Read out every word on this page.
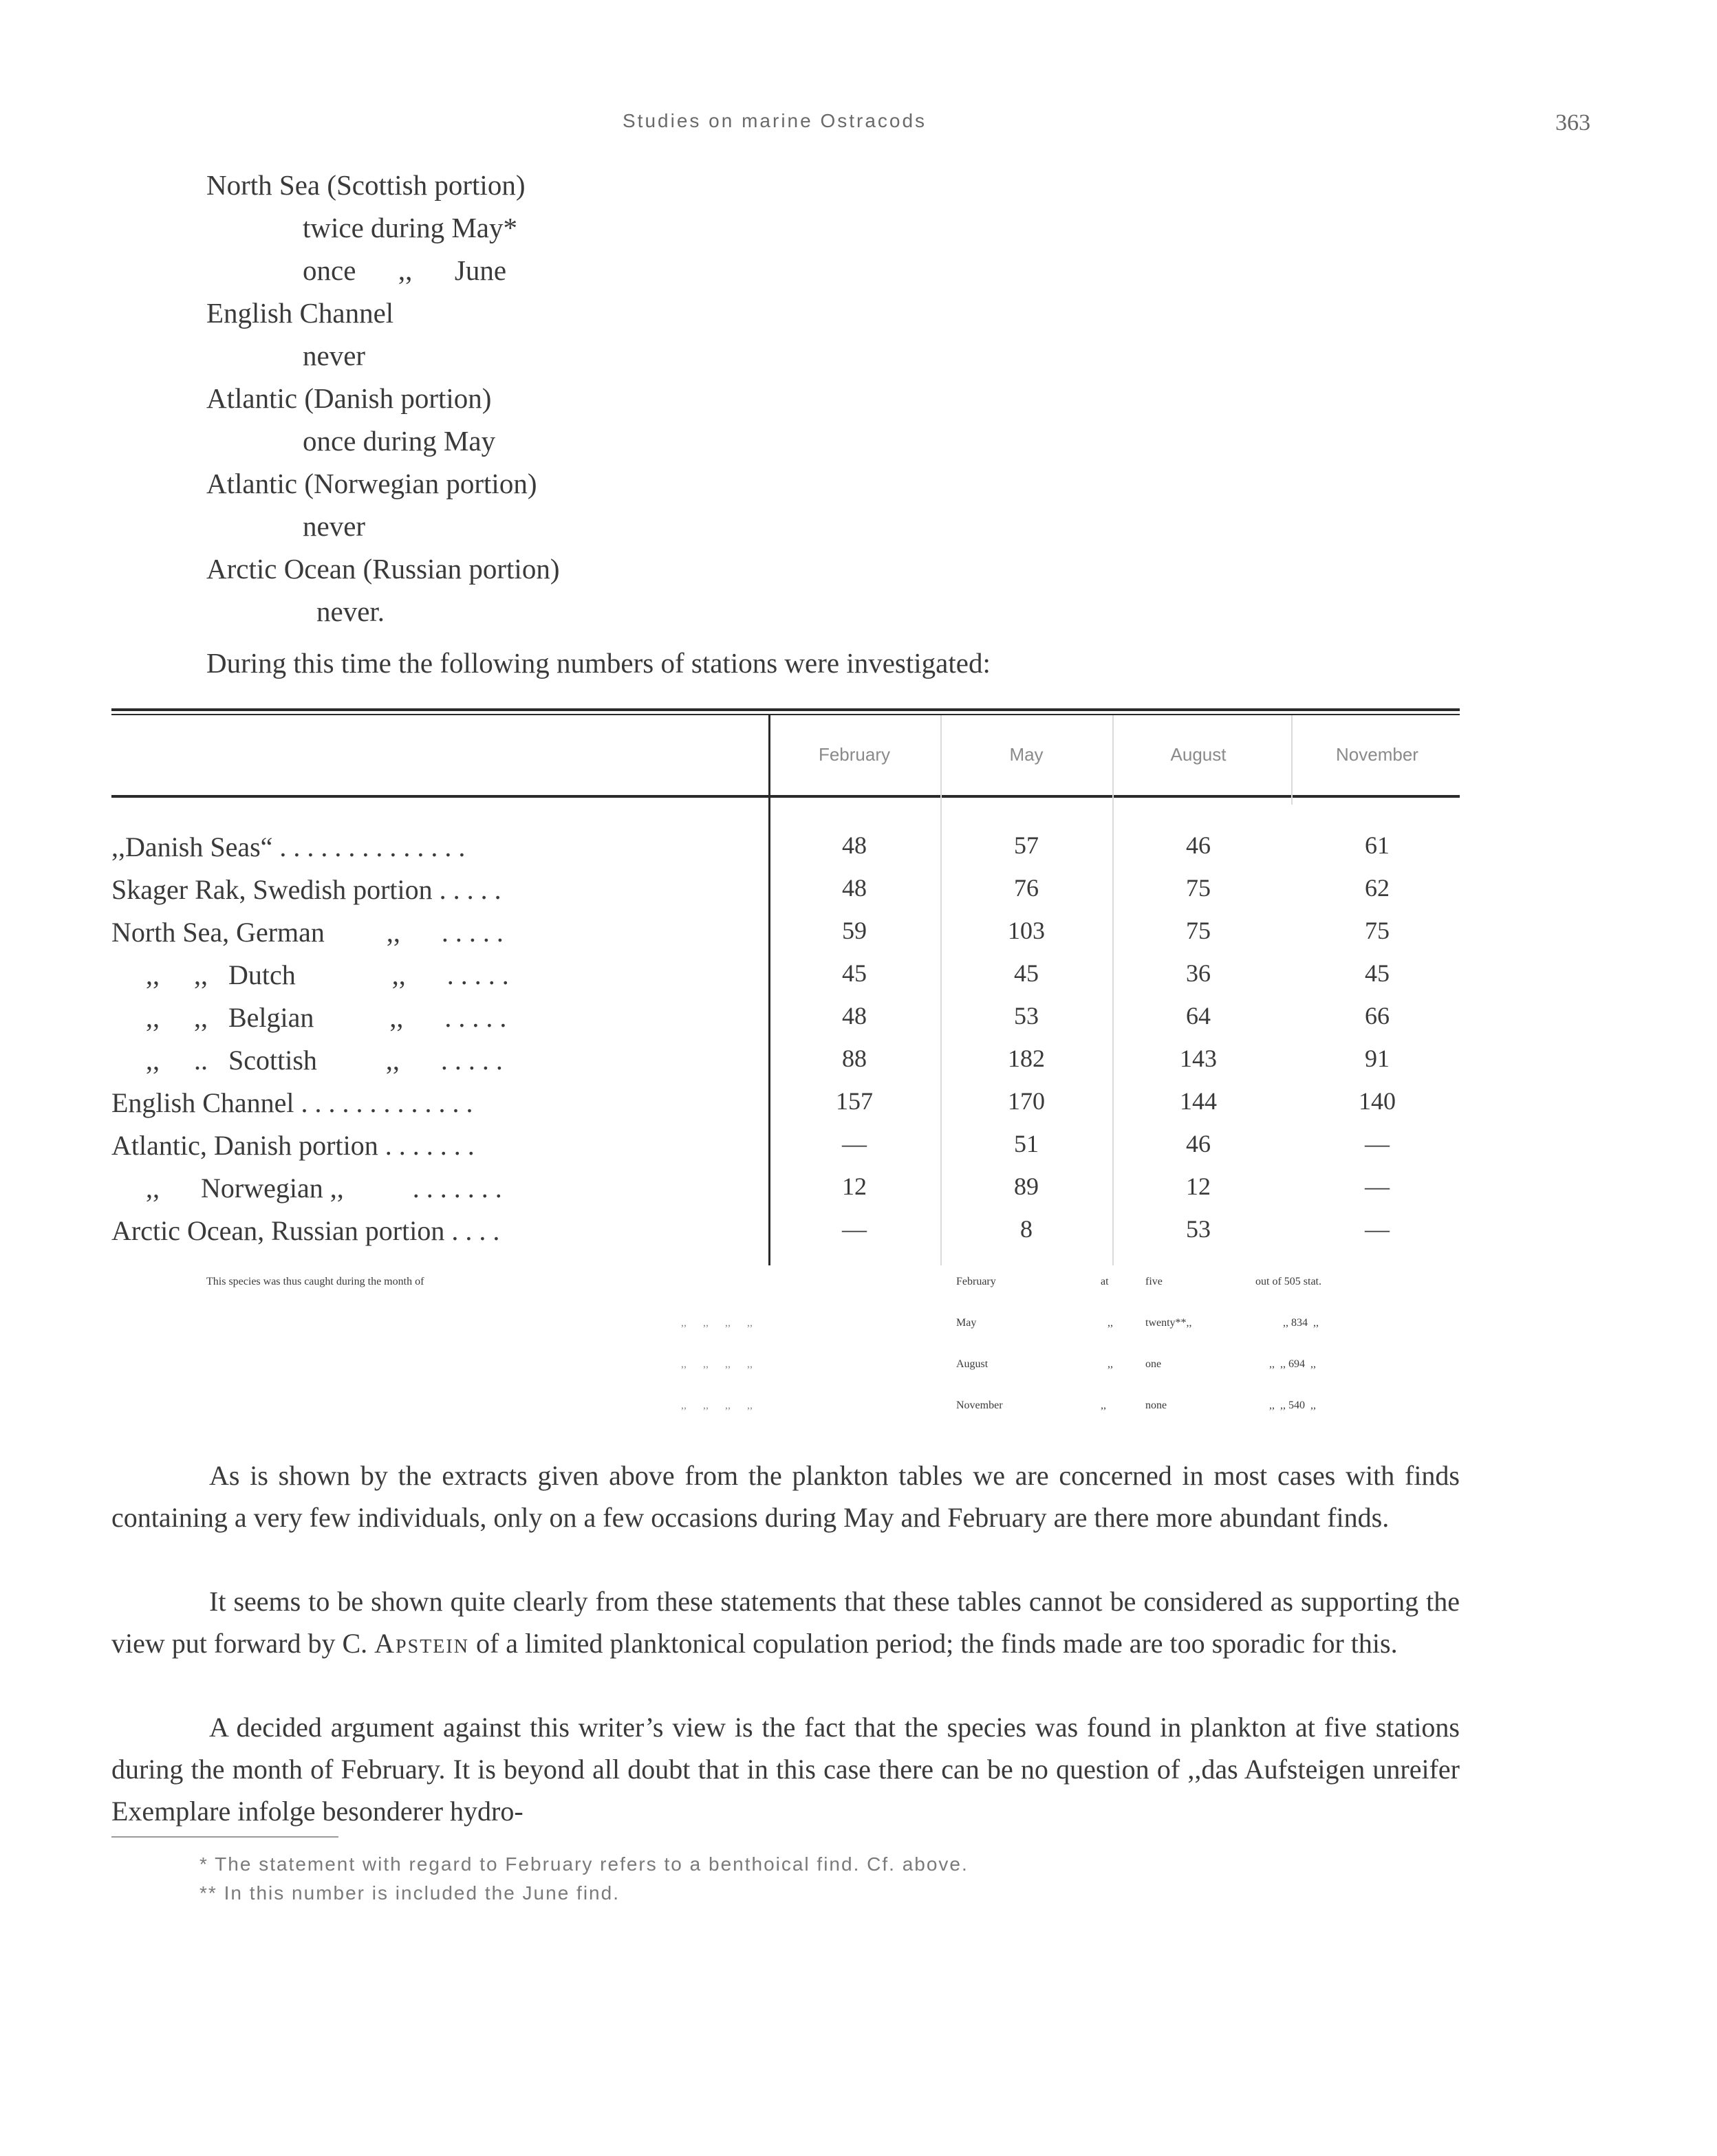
Studies on marine Ostracods	363
North Sea (Scottish portion)
twice during May*
once      ,,      June
English Channel
never
Atlantic (Danish portion)
once during May
Atlantic (Norwegian portion)
never
Arctic Ocean (Russian portion)
never.
During this time the following numbers of stations were investigated:
February	May	August	November
,,Danish Seas“ . . . . . . . . . . . . . .	48	57	46	61
Skager Rak, Swedish portion . . . . .	48	76	75	62
North Sea, German         ,,      . . . . .	59	103	75	75
,,     ,,   Dutch              ,,      . . . . .	45	45	36	45
,,     ,,   Belgian           ,,      . . . . .	48	53	64	66
,,     ..   Scottish          ,,      . . . . .	88	182	143	91
English Channel . . . . . . . . . . . . .	157	170	144	140
Atlantic, Danish portion . . . . . . .	—	51	46	—
,,      Norwegian ,,          . . . . . . .	12	89	12	—
Arctic Ocean, Russian portion . . . .	—	8	53	—
This species was thus caught during the month of	February	at	five	out of 505 stat.
,,      ,,      ,,      ,,	May	,,	twenty**,,	,, 834  ,,
,,      ,,      ,,      ,,	August	,,	one	,,  ,, 694  ,,
,,      ,,      ,,      ,,	November	,,	none	,,  ,, 540  ,,
As is shown by the extracts given above from the plankton tables we are concerned in most cases with finds containing a very few individuals, only on a few occasions during May and February are there more abundant finds.
It seems to be shown quite clearly from these statements that these tables cannot be considered as supporting the view put forward by C. Apstein of a limited planktonical copulation period; the finds made are too sporadic for this.
A decided argument against this writer’s view is the fact that the species was found in plankton at five stations during the month of February. It is beyond all doubt that in this case there can be no question of ,,das Aufsteigen unreifer Exemplare infolge besonderer hydro-
* The statement with regard to February refers to a benthoical find. Cf. above.
** In this number is included the June find.
